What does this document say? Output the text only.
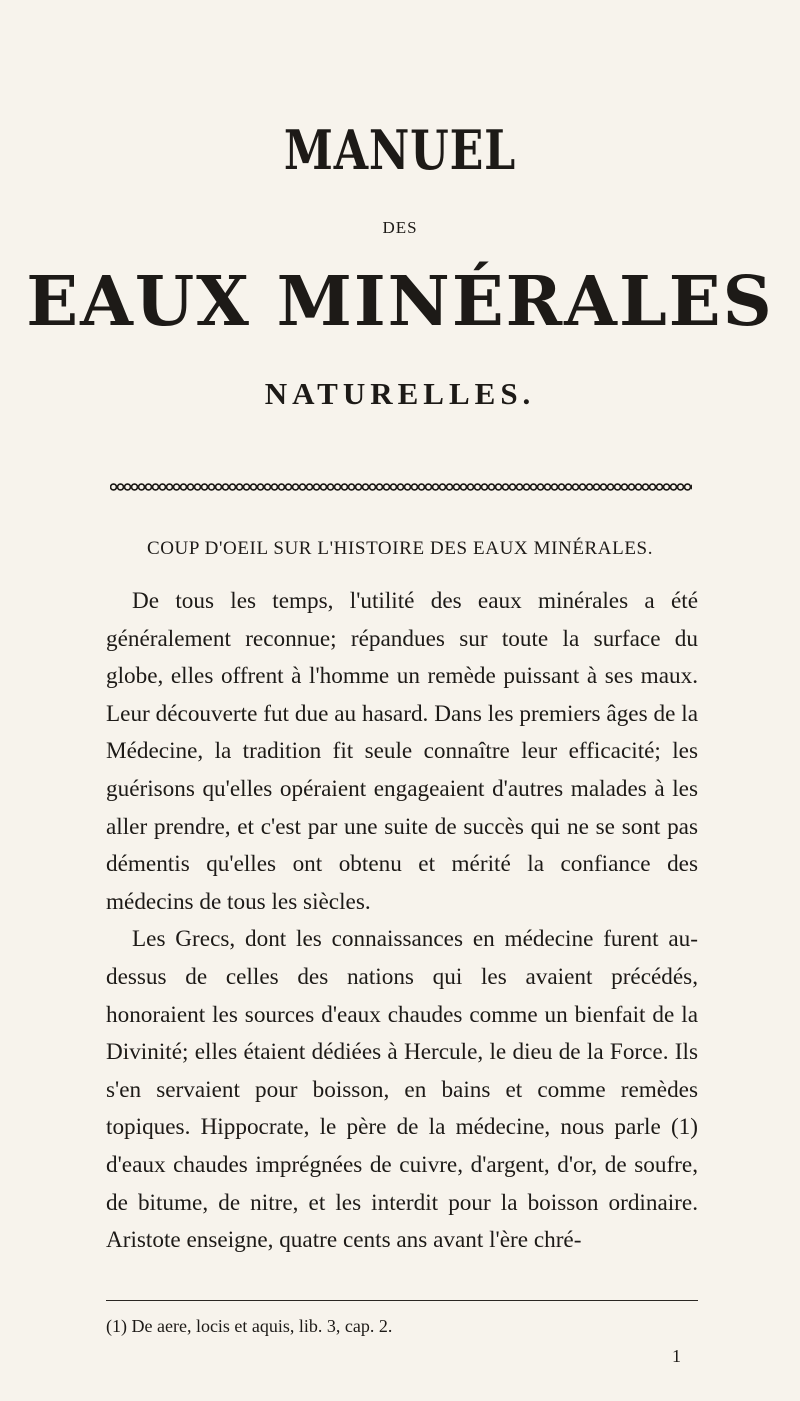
MANUEL
DES
EAUX MINÉRALES
NATURELLES.
COUP D'OEIL SUR L'HISTOIRE DES EAUX MINÉRALES.

De tous les temps, l'utilité des eaux minérales a été généralement reconnue; répandues sur toute la surface du globe, elles offrent à l'homme un remède puissant à ses maux. Leur découverte fut due au hasard. Dans les premiers âges de la Médecine, la tradition fit seule connaître leur efficacité; les guérisons qu'elles opéraient engageaient d'autres malades à les aller prendre, et c'est par une suite de succès qui ne se sont pas démentis qu'elles ont obtenu et mérité la confiance des médecins de tous les siècles.

Les Grecs, dont les connaissances en médecine furent au-dessus de celles des nations qui les avaient précédés, honoraient les sources d'eaux chaudes comme un bienfait de la Divinité; elles étaient dédiées à Hercule, le dieu de la Force. Ils s'en servaient pour boisson, en bains et comme remèdes topiques. Hippocrate, le père de la médecine, nous parle (1) d'eaux chaudes imprégnées de cuivre, d'argent, d'or, de soufre, de bitume, de nitre, et les interdit pour la boisson ordinaire. Aristote enseigne, quatre cents ans avant l'ère chré-

(1) De aere, locis et aquis, lib. 3, cap. 2.
1
